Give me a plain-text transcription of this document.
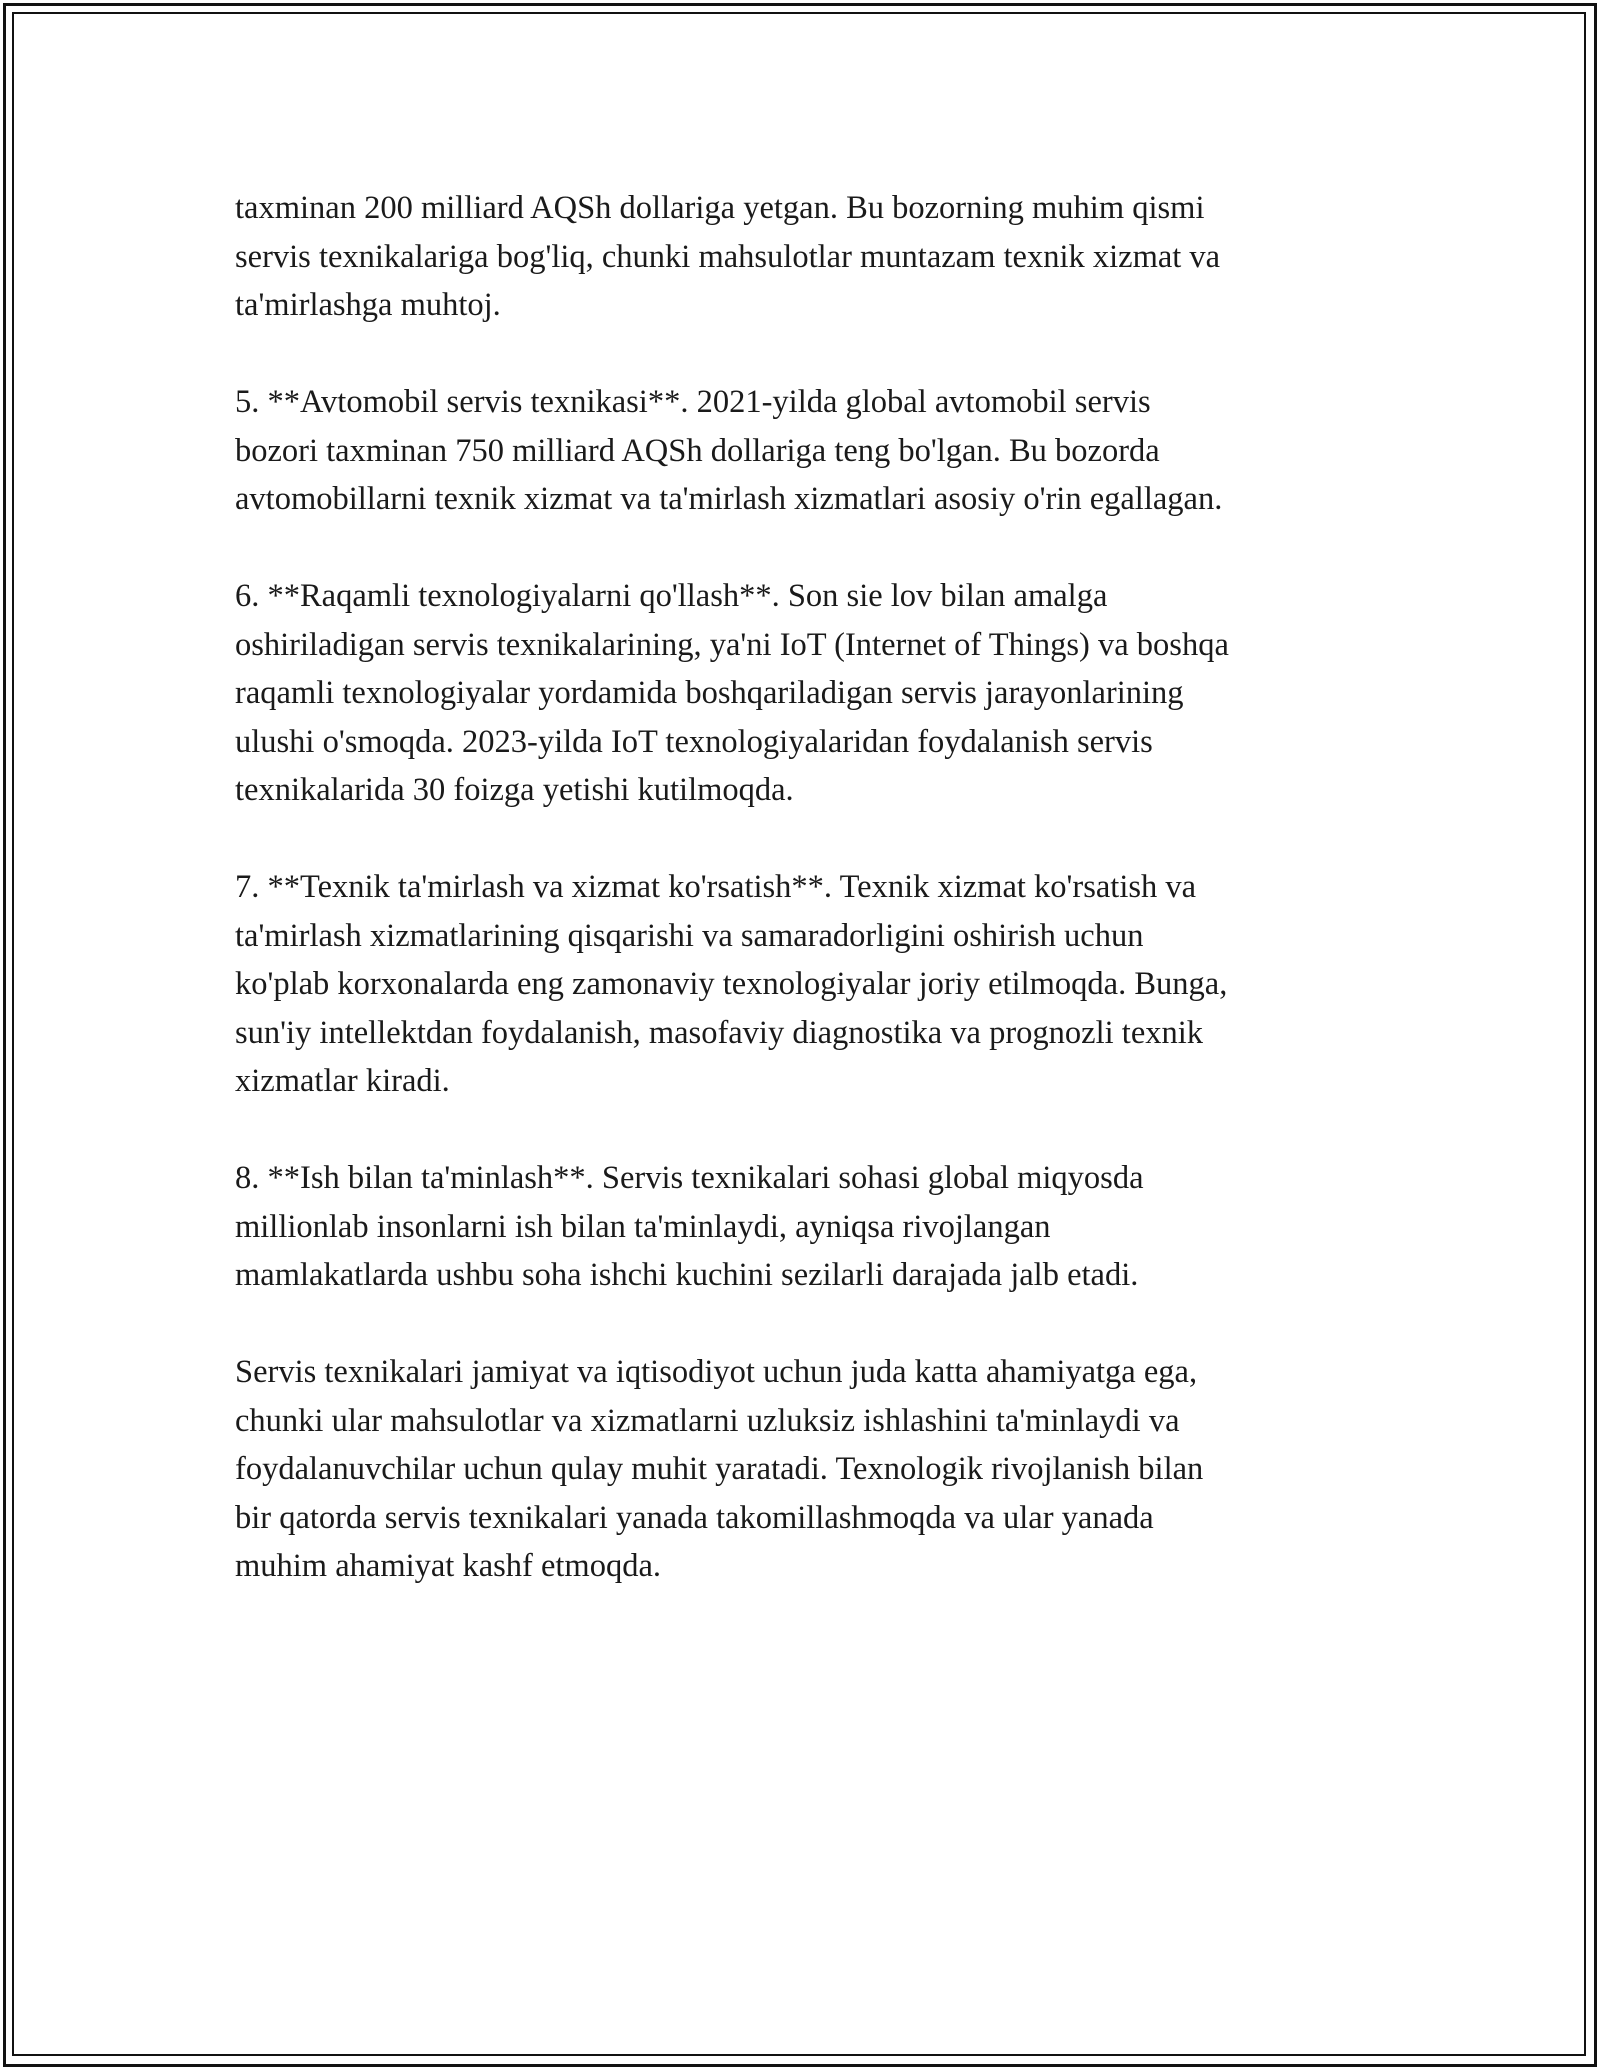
taxminan 200 milliard AQSh dollariga yetgan. Bu bozorning muhim qismi
servis texnikalariga bog'liq, chunki mahsulotlar muntazam texnik xizmat va
ta'mirlashga muhtoj.

5. **Avtomobil servis texnikasi**. 2021-yilda global avtomobil servis
bozori taxminan 750 milliard AQSh dollariga teng bo'lgan. Bu bozorda
avtomobillarni texnik xizmat va ta'mirlash xizmatlari asosiy o'rin egallagan.

6. **Raqamli texnologiyalarni qo'llash**. Son sie lov bilan amalga
oshiriladigan servis texnikalarining, ya'ni IoT (Internet of Things) va boshqa
raqamli texnologiyalar yordamida boshqariladigan servis jarayonlarining
ulushi o'smoqda. 2023-yilda IoT texnologiyalaridan foydalanish servis
texnikalarida 30 foizga yetishi kutilmoqda.

7. **Texnik ta'mirlash va xizmat ko'rsatish**. Texnik xizmat ko'rsatish va
ta'mirlash xizmatlarining qisqarishi va samaradorligini oshirish uchun
ko'plab korxonalarda eng zamonaviy texnologiyalar joriy etilmoqda. Bunga,
sun'iy intellektdan foydalanish, masofaviy diagnostika va prognozli texnik
xizmatlar kiradi.

8. **Ish bilan ta'minlash**. Servis texnikalari sohasi global miqyosda
millionlab insonlarni ish bilan ta'minlaydi, ayniqsa rivojlangan
mamlakatlarda ushbu soha ishchi kuchini sezilarli darajada jalb etadi.

Servis texnikalari jamiyat va iqtisodiyot uchun juda katta ahamiyatga ega,
chunki ular mahsulotlar va xizmatlarni uzluksiz ishlashini ta'minlaydi va
foydalanuvchilar uchun qulay muhit yaratadi. Texnologik rivojlanish bilan
bir qatorda servis texnikalari yanada takomillashmoqda va ular yanada
muhim ahamiyat kashf etmoqda.
